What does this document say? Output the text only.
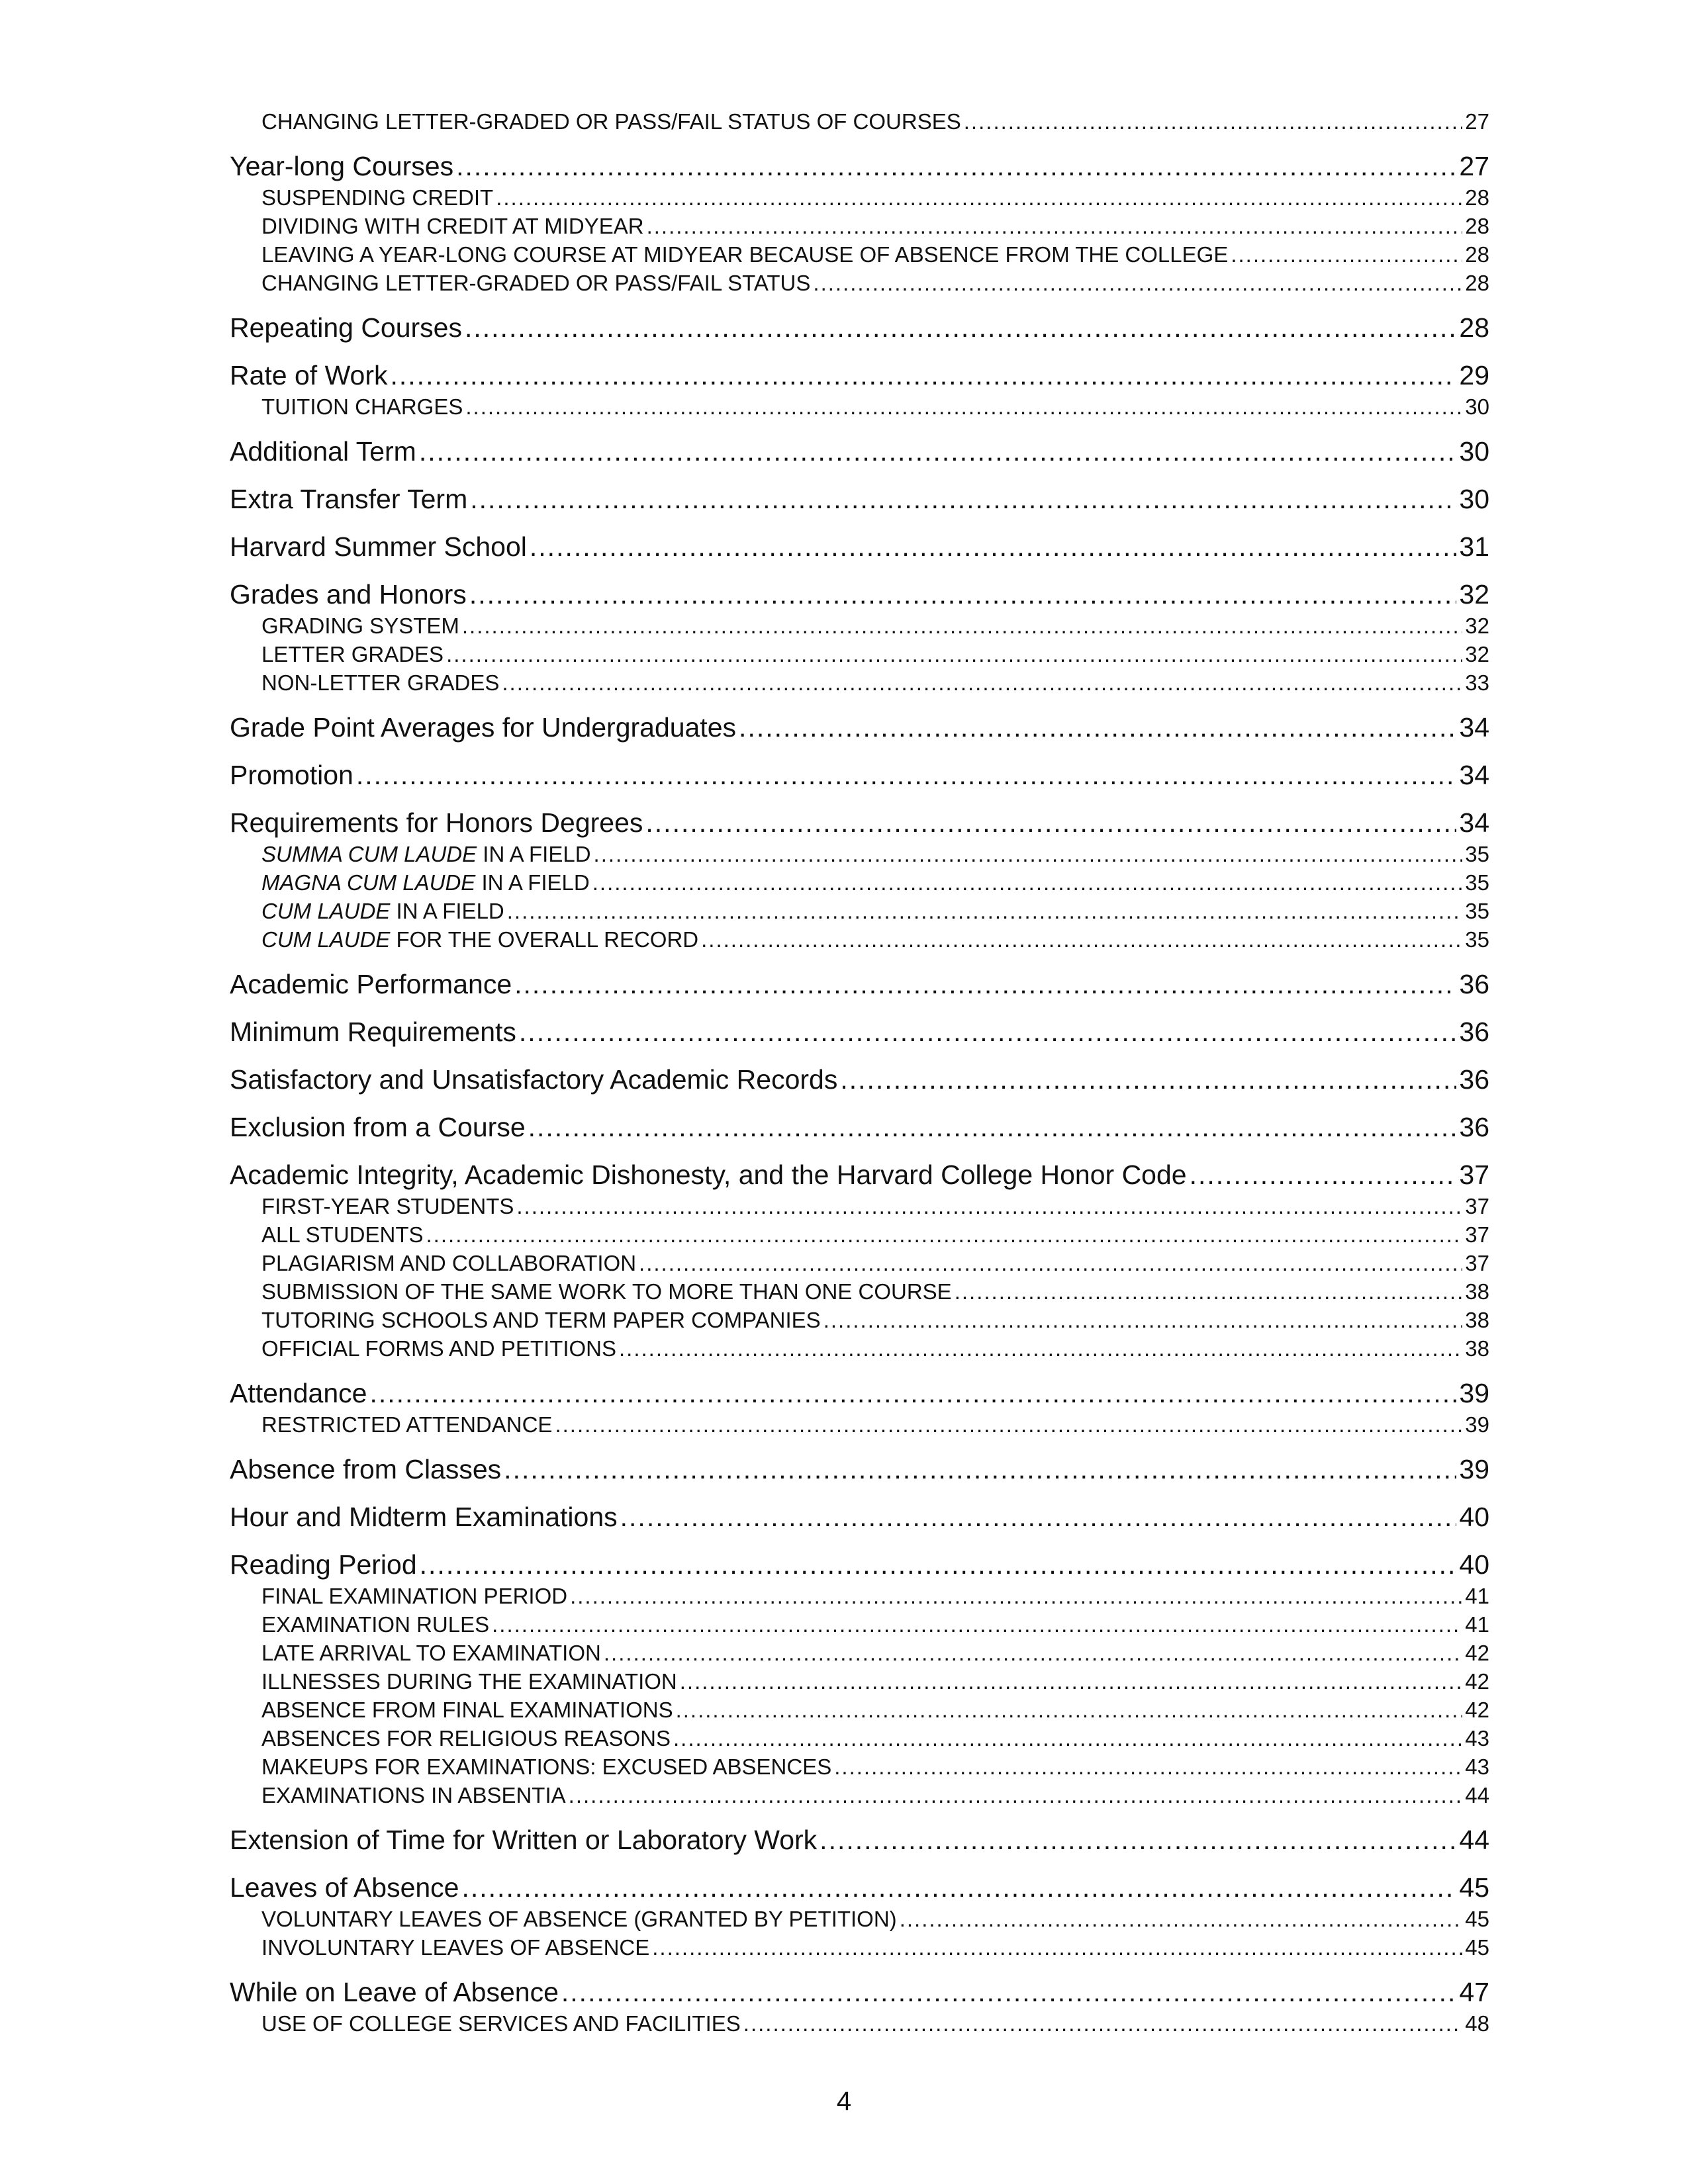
CHANGING LETTER-GRADED OR PASS/FAIL STATUS OF COURSES .....	27
Year-long Courses .....	27
SUSPENDING CREDIT .....	28
DIVIDING WITH CREDIT AT MIDYEAR .....	28
LEAVING A YEAR-LONG COURSE AT MIDYEAR BECAUSE OF ABSENCE FROM THE COLLEGE .....	28
CHANGING LETTER-GRADED OR PASS/FAIL STATUS .....	28
Repeating Courses .....	28
Rate of Work .....	29
TUITION CHARGES .....	30
Additional Term .....	30
Extra Transfer Term .....	30
Harvard Summer School .....	31
Grades and Honors .....	32
GRADING SYSTEM .....	32
LETTER GRADES .....	32
NON-LETTER GRADES .....	33
Grade Point Averages for Undergraduates .....	34
Promotion .....	34
Requirements for Honors Degrees .....	34
SUMMA CUM LAUDE IN A FIELD .....	35
MAGNA CUM LAUDE IN A FIELD .....	35
CUM LAUDE IN A FIELD .....	35
CUM LAUDE FOR THE OVERALL RECORD .....	35
Academic Performance .....	36
Minimum Requirements .....	36
Satisfactory and Unsatisfactory Academic Records .....	36
Exclusion from a Course .....	36
Academic Integrity, Academic Dishonesty, and the Harvard College Honor Code .....	37
FIRST-YEAR STUDENTS .....	37
ALL STUDENTS .....	37
PLAGIARISM AND COLLABORATION .....	37
SUBMISSION OF THE SAME WORK TO MORE THAN ONE COURSE .....	38
TUTORING SCHOOLS AND TERM PAPER COMPANIES .....	38
OFFICIAL FORMS AND PETITIONS .....	38
Attendance .....	39
RESTRICTED ATTENDANCE .....	39
Absence from Classes .....	39
Hour and Midterm Examinations .....	40
Reading Period .....	40
FINAL EXAMINATION PERIOD .....	41
EXAMINATION RULES .....	41
LATE ARRIVAL TO EXAMINATION .....	42
ILLNESSES DURING THE EXAMINATION .....	42
ABSENCE FROM FINAL EXAMINATIONS .....	42
ABSENCES FOR RELIGIOUS REASONS .....	43
MAKEUPS FOR EXAMINATIONS: EXCUSED ABSENCES .....	43
EXAMINATIONS IN ABSENTIA .....	44
Extension of Time for Written or Laboratory Work .....	44
Leaves of Absence .....	45
VOLUNTARY LEAVES OF ABSENCE (GRANTED BY PETITION) .....	45
INVOLUNTARY LEAVES OF ABSENCE .....	45
While on Leave of Absence .....	47
USE OF COLLEGE SERVICES AND FACILITIES .....	48
4
